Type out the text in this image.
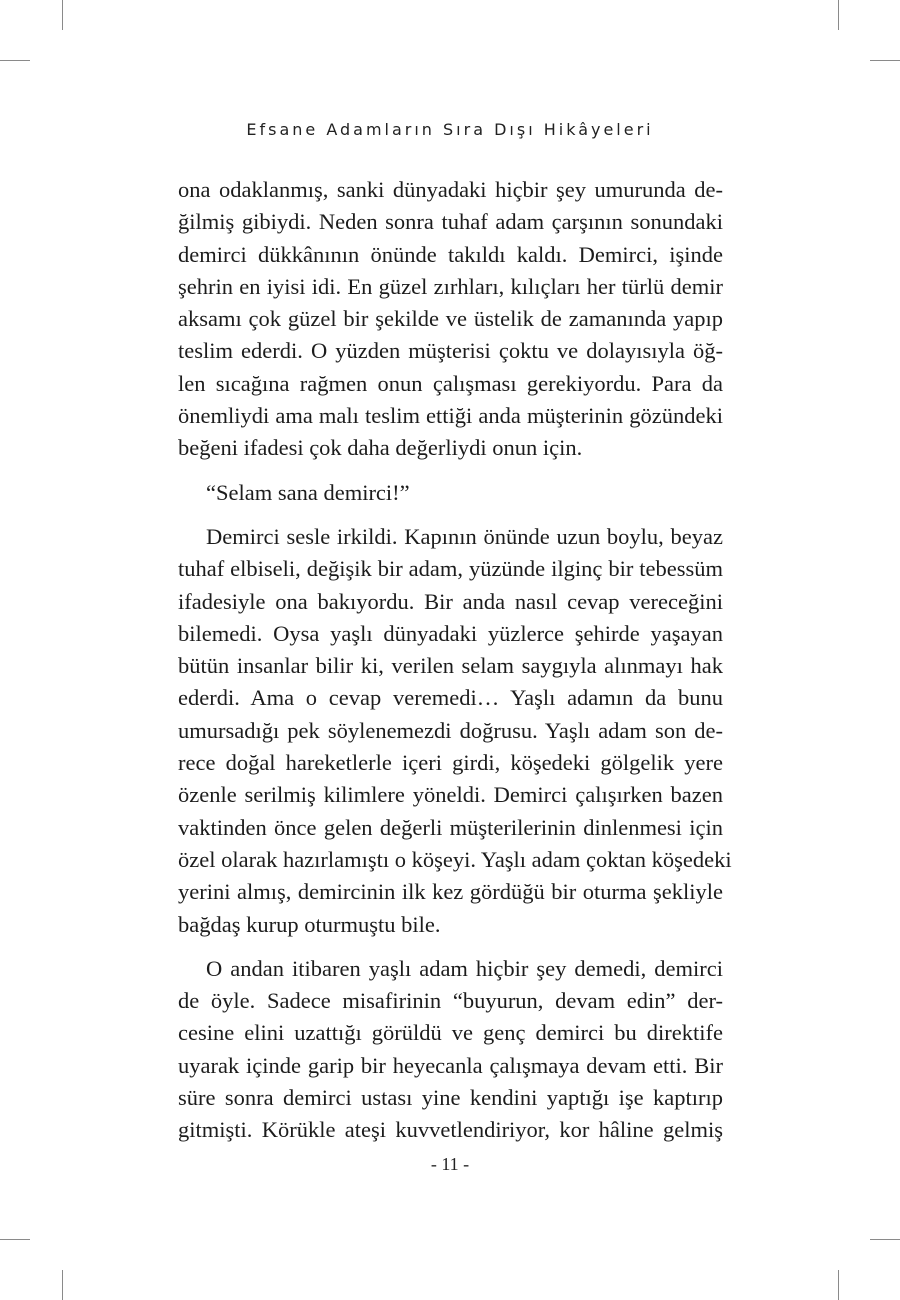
Efsane Adamların Sıra Dışı Hikâyeleri

ona odaklanmış, sanki dünyadaki hiçbir şey umurunda de-

ğilmiş gibiydi. Neden sonra tuhaf adam çarşının sonundaki

demirci dükkânının önünde takıldı kaldı. Demirci, işinde

şehrin en iyisi idi. En güzel zırhları, kılıçları her türlü demir

aksamı çok güzel bir şekilde ve üstelik de zamanında yapıp

teslim ederdi. O yüzden müşterisi çoktu ve dolayısıyla öğ-

len sıcağına rağmen onun çalışması gerekiyordu. Para da

önemliydi ama malı teslim ettiği anda müşterinin gözündeki

beğeni ifadesi çok daha değerliydi onun için.

“Selam sana demirci!”

Demirci sesle irkildi. Kapının önünde uzun boylu, beyaz

tuhaf elbiseli, değişik bir adam, yüzünde ilginç bir tebessüm

ifadesiyle ona bakıyordu. Bir anda nasıl cevap vereceğini

bilemedi. Oysa yaşlı dünyadaki yüzlerce şehirde yaşayan

bütün insanlar bilir ki, verilen selam saygıyla alınmayı hak

ederdi. Ama o cevap veremedi… Yaşlı adamın da bunu

umursadığı pek söylenemezdi doğrusu. Yaşlı adam son de-

rece doğal hareketlerle içeri girdi, köşedeki gölgelik yere

özenle serilmiş kilimlere yöneldi. Demirci çalışırken bazen

vaktinden önce gelen değerli müşterilerinin dinlenmesi için

özel olarak hazırlamıştı o köşeyi. Yaşlı adam çoktan köşedeki

yerini almış, demircinin ilk kez gördüğü bir oturma şekliyle

bağdaş kurup oturmuştu bile.

O andan itibaren yaşlı adam hiçbir şey demedi, demirci

de öyle. Sadece misafirinin “buyurun, devam edin” der-

cesine elini uzattığı görüldü ve genç demirci bu direktife

uyarak içinde garip bir heyecanla çalışmaya devam etti. Bir

süre sonra demirci ustası yine kendini yaptığı işe kaptırıp

gitmişti. Körükle ateşi kuvvetlendiriyor, kor hâline gelmiş

- 11 -
